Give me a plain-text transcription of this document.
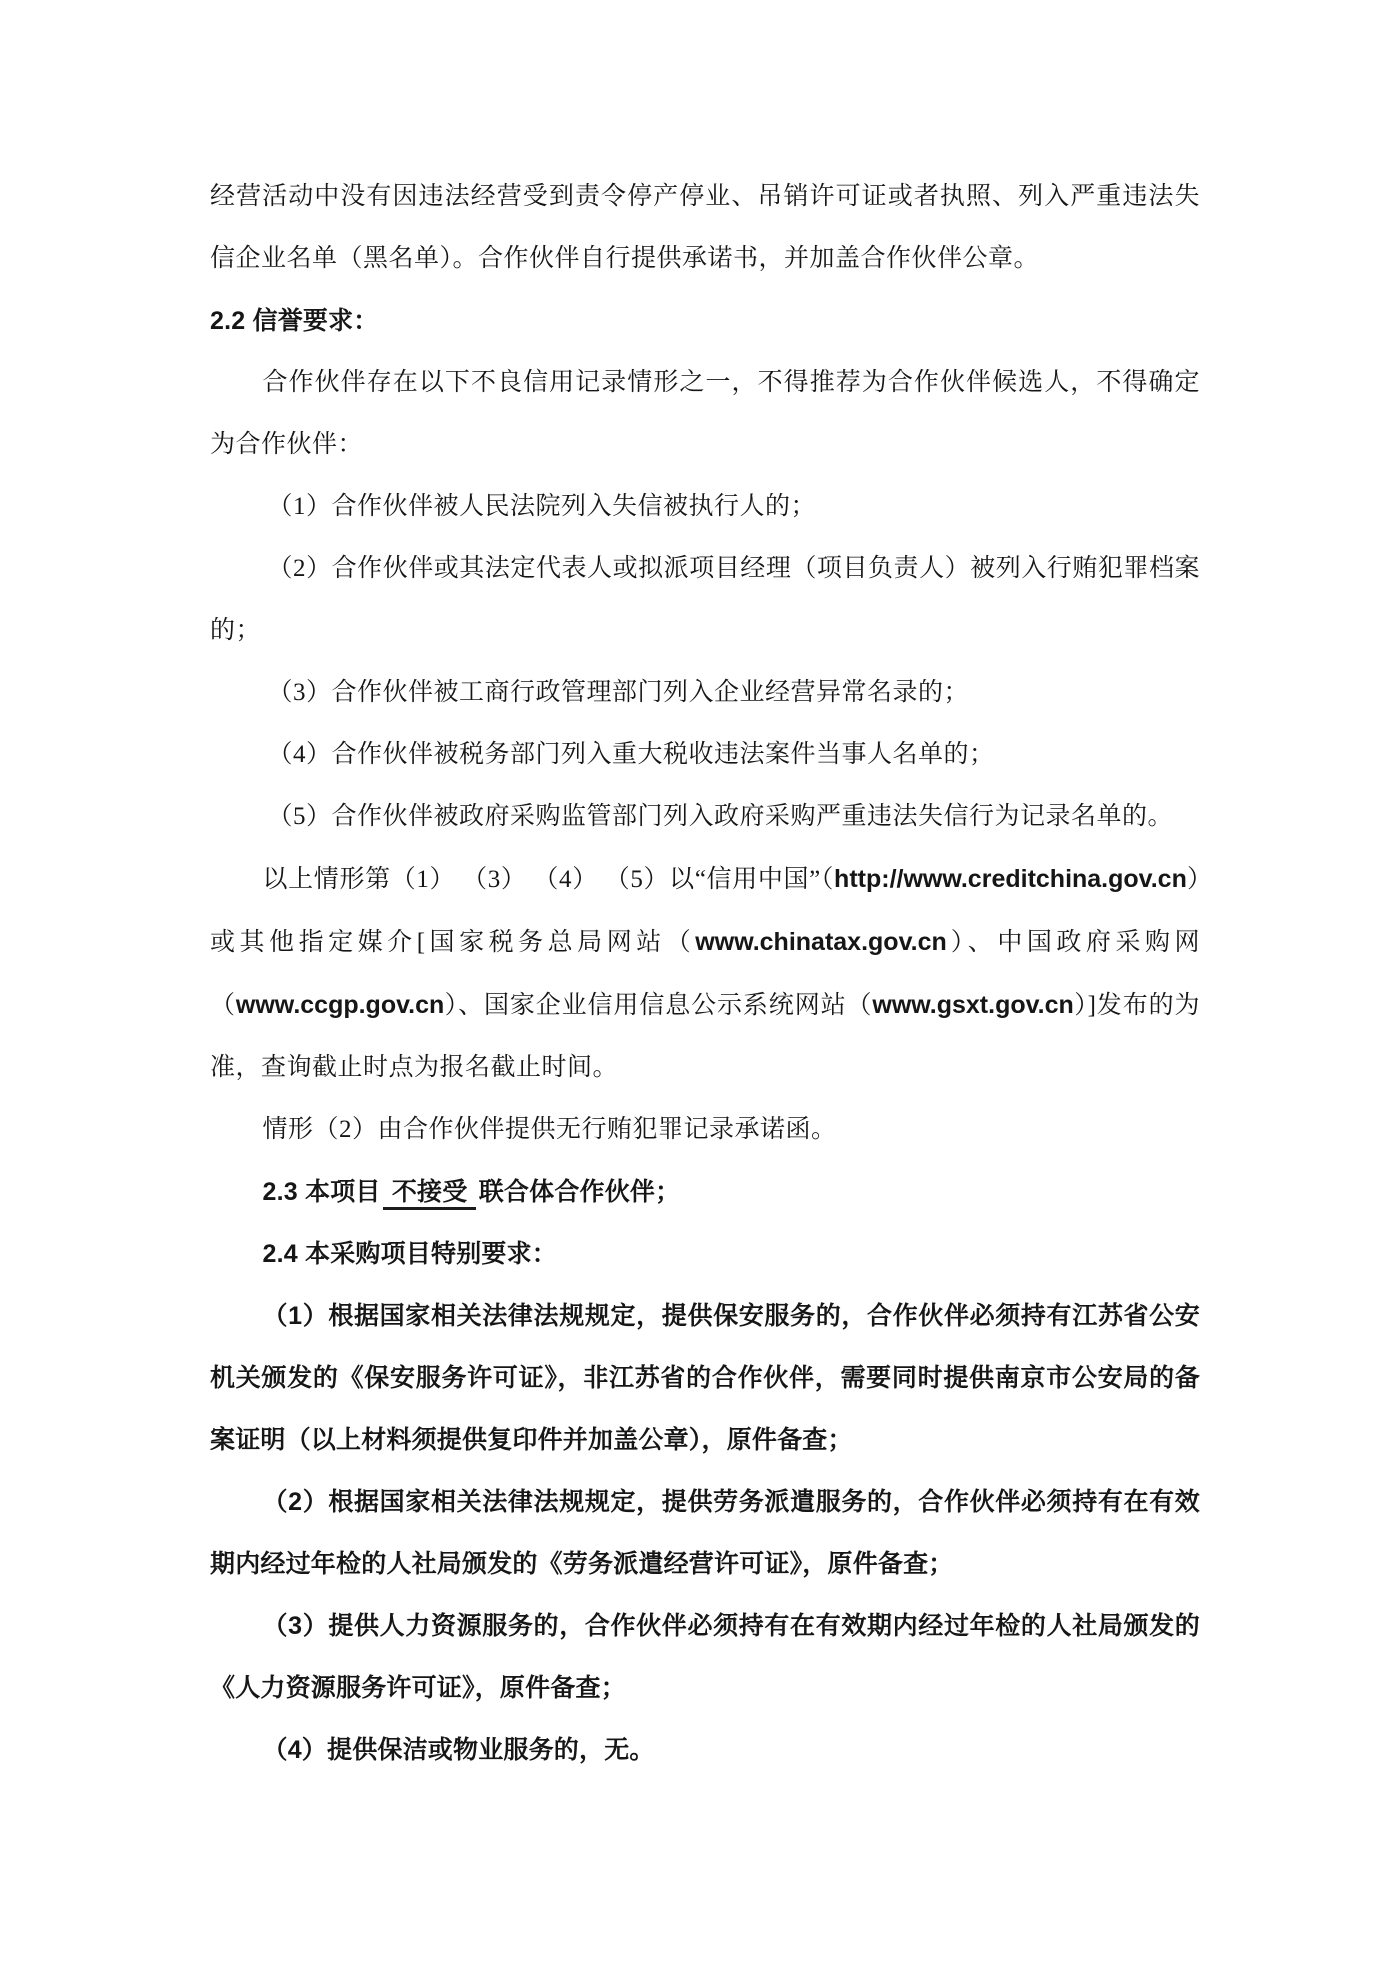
经营活动中没有因违法经营受到责令停产停业、吊销许可证或者执照、列入严重违法失信企业名单（黑名单）。合作伙伴自行提供承诺书，并加盖合作伙伴公章。

2.2 信誉要求：

合作伙伴存在以下不良信用记录情形之一，不得推荐为合作伙伴候选人，不得确定为合作伙伴：

（1）合作伙伴被人民法院列入失信被执行人的；

（2）合作伙伴或其法定代表人或拟派项目经理（项目负责人）被列入行贿犯罪档案的；

（3）合作伙伴被工商行政管理部门列入企业经营异常名录的；

（4）合作伙伴被税务部门列入重大税收违法案件当事人名单的；

（5）合作伙伴被政府采购监管部门列入政府采购严重违法失信行为记录名单的。

以上情形第（1） （3） （4） （5）以“信用中国”（http://www.creditchina.gov.cn）或其他指定媒介[国家税务总局网站（www.chinatax.gov.cn）、中国政府采购网（www.ccgp.gov.cn）、国家企业信用信息公示系统网站（www.gsxt.gov.cn）]发布的为准，查询截止时点为报名截止时间。

情形（2）由合作伙伴提供无行贿犯罪记录承诺函。

2.3 本项目 不接受 联合体合作伙伴；

2.4 本采购项目特别要求：

（1）根据国家相关法律法规规定，提供保安服务的，合作伙伴必须持有江苏省公安机关颁发的《保安服务许可证》，非江苏省的合作伙伴，需要同时提供南京市公安局的备案证明（以上材料须提供复印件并加盖公章），原件备查；

（2）根据国家相关法律法规规定，提供劳务派遣服务的，合作伙伴必须持有在有效期内经过年检的人社局颁发的《劳务派遣经营许可证》，原件备查；

（3）提供人力资源服务的，合作伙伴必须持有在有效期内经过年检的人社局颁发的《人力资源服务许可证》，原件备查；

（4）提供保洁或物业服务的，无。
